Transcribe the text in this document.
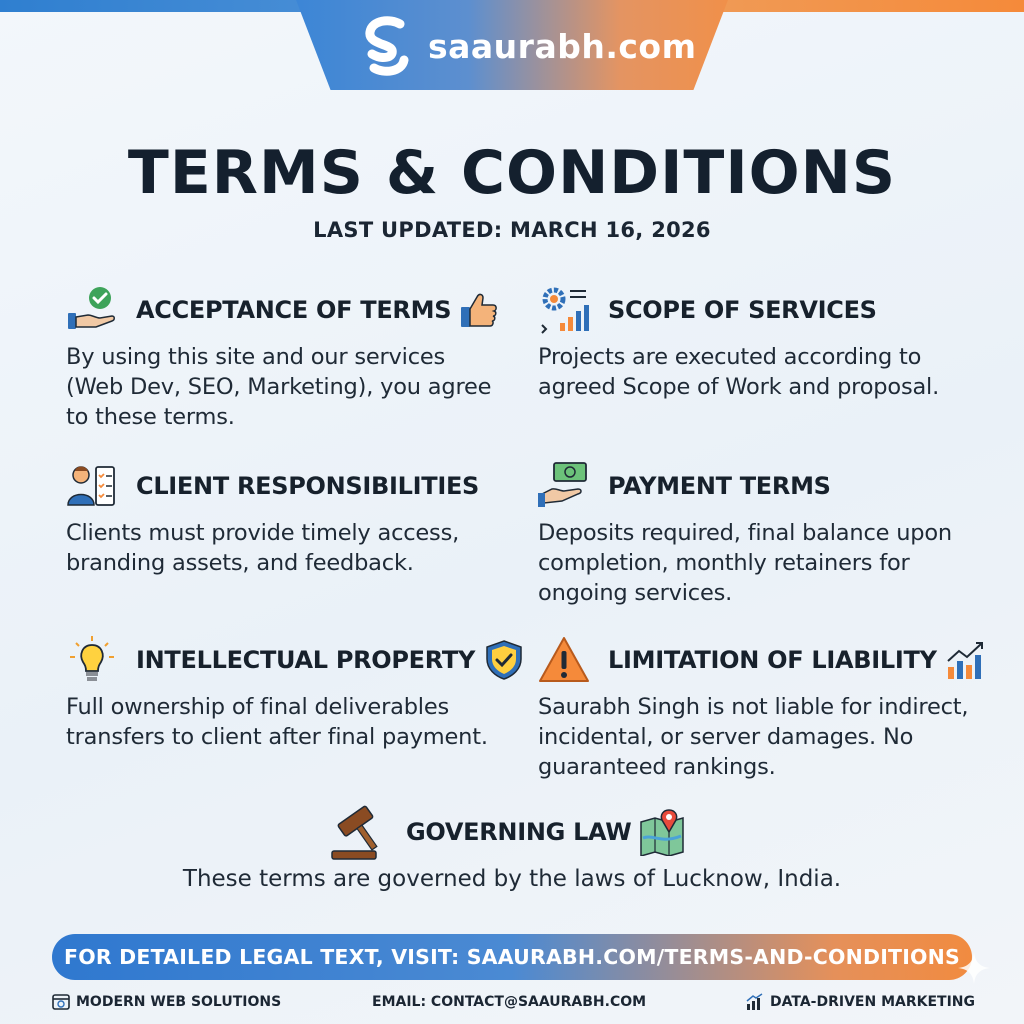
saaurabh.com
TERMS & CONDITIONS
LAST UPDATED: MARCH 16, 2026
ACCEPTANCE OF TERMS
By using this site and our services (Web Dev, SEO, Marketing), you agree to these terms.
SCOPE OF SERVICES
Projects are executed according to agreed Scope of Work and proposal.
CLIENT RESPONSIBILITIES
Clients must provide timely access, branding assets, and feedback.
PAYMENT TERMS
Deposits required, final balance upon completion, monthly retainers for ongoing services.
INTELLECTUAL PROPERTY
Full ownership of final deliverables transfers to client after final payment.
LIMITATION OF LIABILITY
Saurabh Singh is not liable for indirect, incidental, or server damages. No guaranteed rankings.
GOVERNING LAW
These terms are governed by the laws of Lucknow, India.
FOR DETAILED LEGAL TEXT, VISIT: SAAURABH.COM/TERMS-AND-CONDITIONS
MODERN WEB SOLUTIONS	EMAIL: CONTACT@SAAURABH.COM	DATA-DRIVEN MARKETING
